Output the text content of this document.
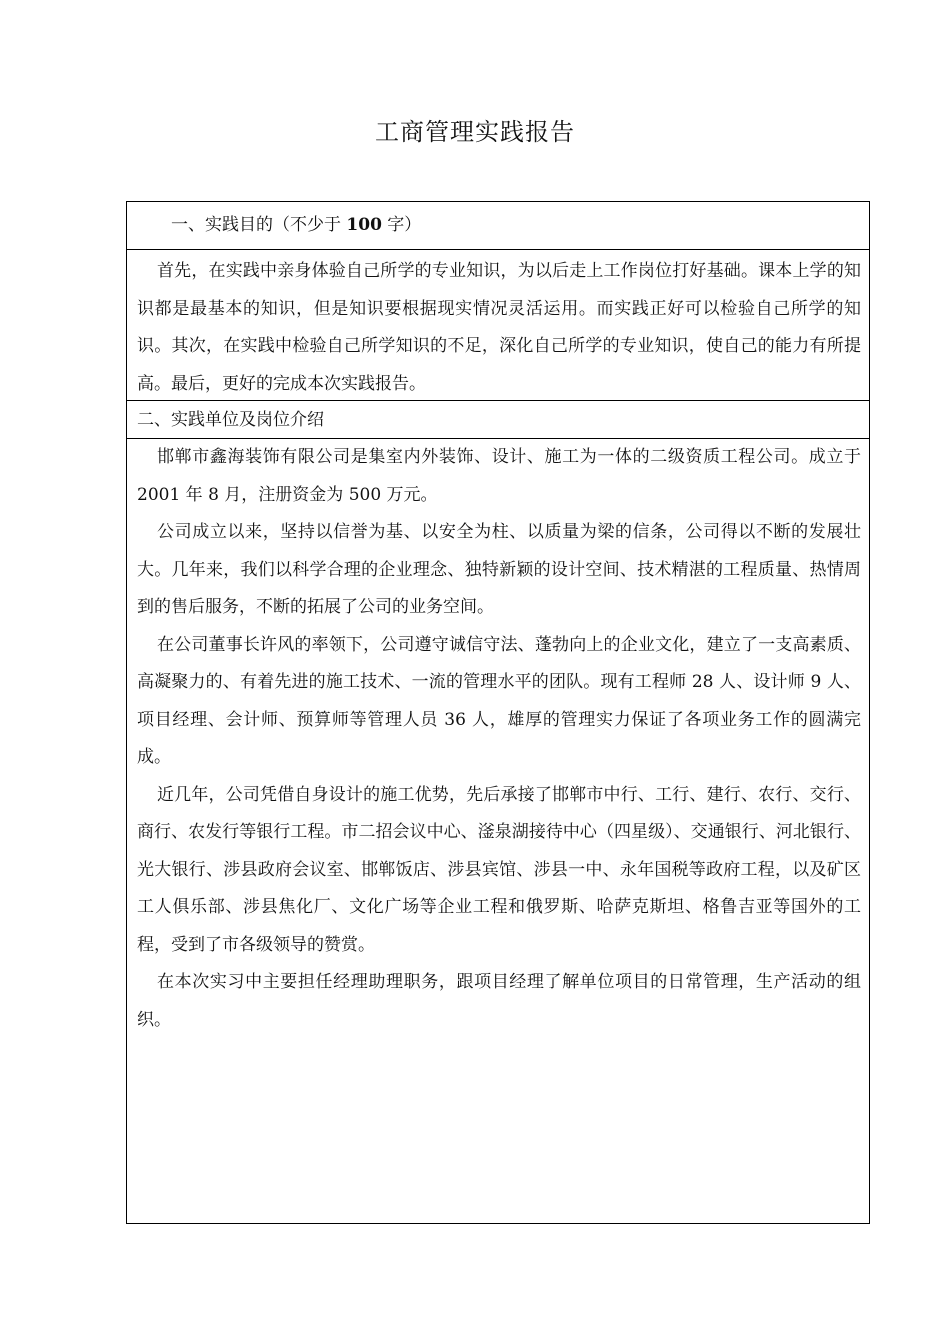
工商管理实践报告
一、实践目的（不少于 100 字）

首先，在实践中亲身体验自己所学的专业知识，为以后走上工作岗位打好基础。课本上学的知识都是最基本的知识，但是知识要根据现实情况灵活运用。而实践正好可以检验自己所学的知识。其次，在实践中检验自己所学知识的不足，深化自己所学的专业知识，使自己的能力有所提高。最后，更好的完成本次实践报告。

二、实践单位及岗位介绍

邯郸市鑫海装饰有限公司是集室内外装饰、设计、施工为一体的二级资质工程公司。成立于 2001 年 8 月，注册资金为 500 万元。

公司成立以来，坚持以信誉为基、以安全为柱、以质量为梁的信条，公司得以不断的发展壮大。几年来，我们以科学合理的企业理念、独特新颖的设计空间、技术精湛的工程质量、热情周到的售后服务，不断的拓展了公司的业务空间。

在公司董事长许风的率领下，公司遵守诚信守法、蓬勃向上的企业文化，建立了一支高素质、高凝聚力的、有着先进的施工技术、一流的管理水平的团队。现有工程师 28 人、设计师 9 人、项目经理、会计师、预算师等管理人员 36 人，雄厚的管理实力保证了各项业务工作的圆满完成。

近几年，公司凭借自身设计的施工优势，先后承接了邯郸市中行、工行、建行、农行、交行、商行、农发行等银行工程。市二招会议中心、滏泉湖接待中心（四星级）、交通银行、河北银行、光大银行、涉县政府会议室、邯郸饭店、涉县宾馆、涉县一中、永年国税等政府工程，以及矿区工人俱乐部、涉县焦化厂、文化广场等企业工程和俄罗斯、哈萨克斯坦、格鲁吉亚等国外的工程，受到了市各级领导的赞赏。

在本次实习中主要担任经理助理职务，跟项目经理了解单位项目的日常管理，生产活动的组织。
